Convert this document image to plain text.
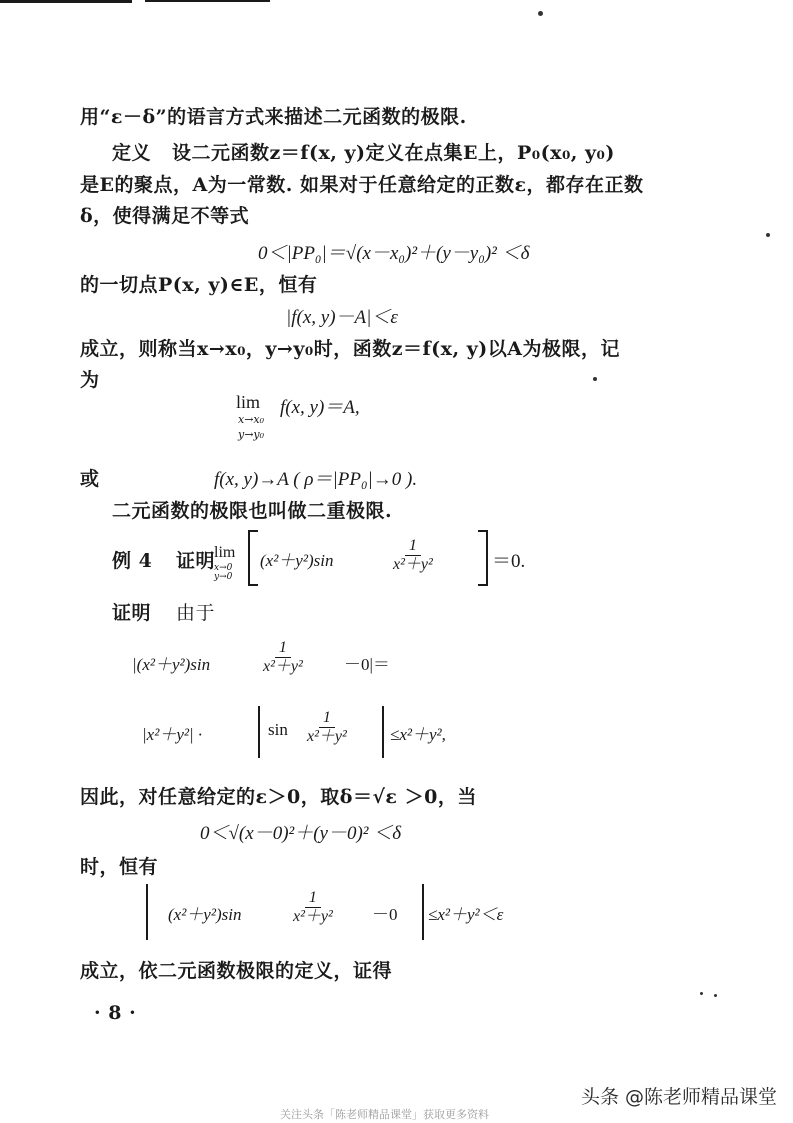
用“ε－δ”的语言方式来描述二元函数的极限.
定义 设二元函数z＝f(x, y)定义在点集E上，P₀(x₀, y₀)
是E的聚点，A为一常数. 如果对于任意给定的正数ε，都存在正数
δ，使得满足不等式
0＜|PP₀|＝√(x－x₀)²＋(y－y₀)² ＜δ
的一切点P(x, y)∈E，恒有
|f(x, y)－A|＜ε
成立，则称当x→x₀，y→y₀时，函数z＝f(x, y)以A为极限，记
为
lim
x→x₀
y→y₀
f(x, y)＝A,
或	f(x, y)→A ( ρ＝|PP₀|→0 ).
二元函数的极限也叫做二重极限.
例 4 证明
lim
x→0
y→0
(x²＋y²)sin	$\frac{1}{\text{x²＋y²}}$	＝0.
证明 由于
|(x²＋y²)sin	$\frac{1}{\text{x²＋y²}} -0|=$
|x²＋y²| ·	$\sin \frac{1}{\text{x²＋y²}} \le x^2+y^2$,
因此，对任意给定的ε＞0，取δ＝√ε ＞0，当
0＜√(x－0)²＋(y－0)² ＜δ
时，恒有
(x²＋y²)sin	$\frac{1}{\text{x²＋y²}} -0 \le x^2+y^2<\varepsilon$
成立，依二元函数极限的定义，证得
· 8 ·
头条 @陈老师精品课堂
关注头条「陈老师精品课堂」获取更多资料
